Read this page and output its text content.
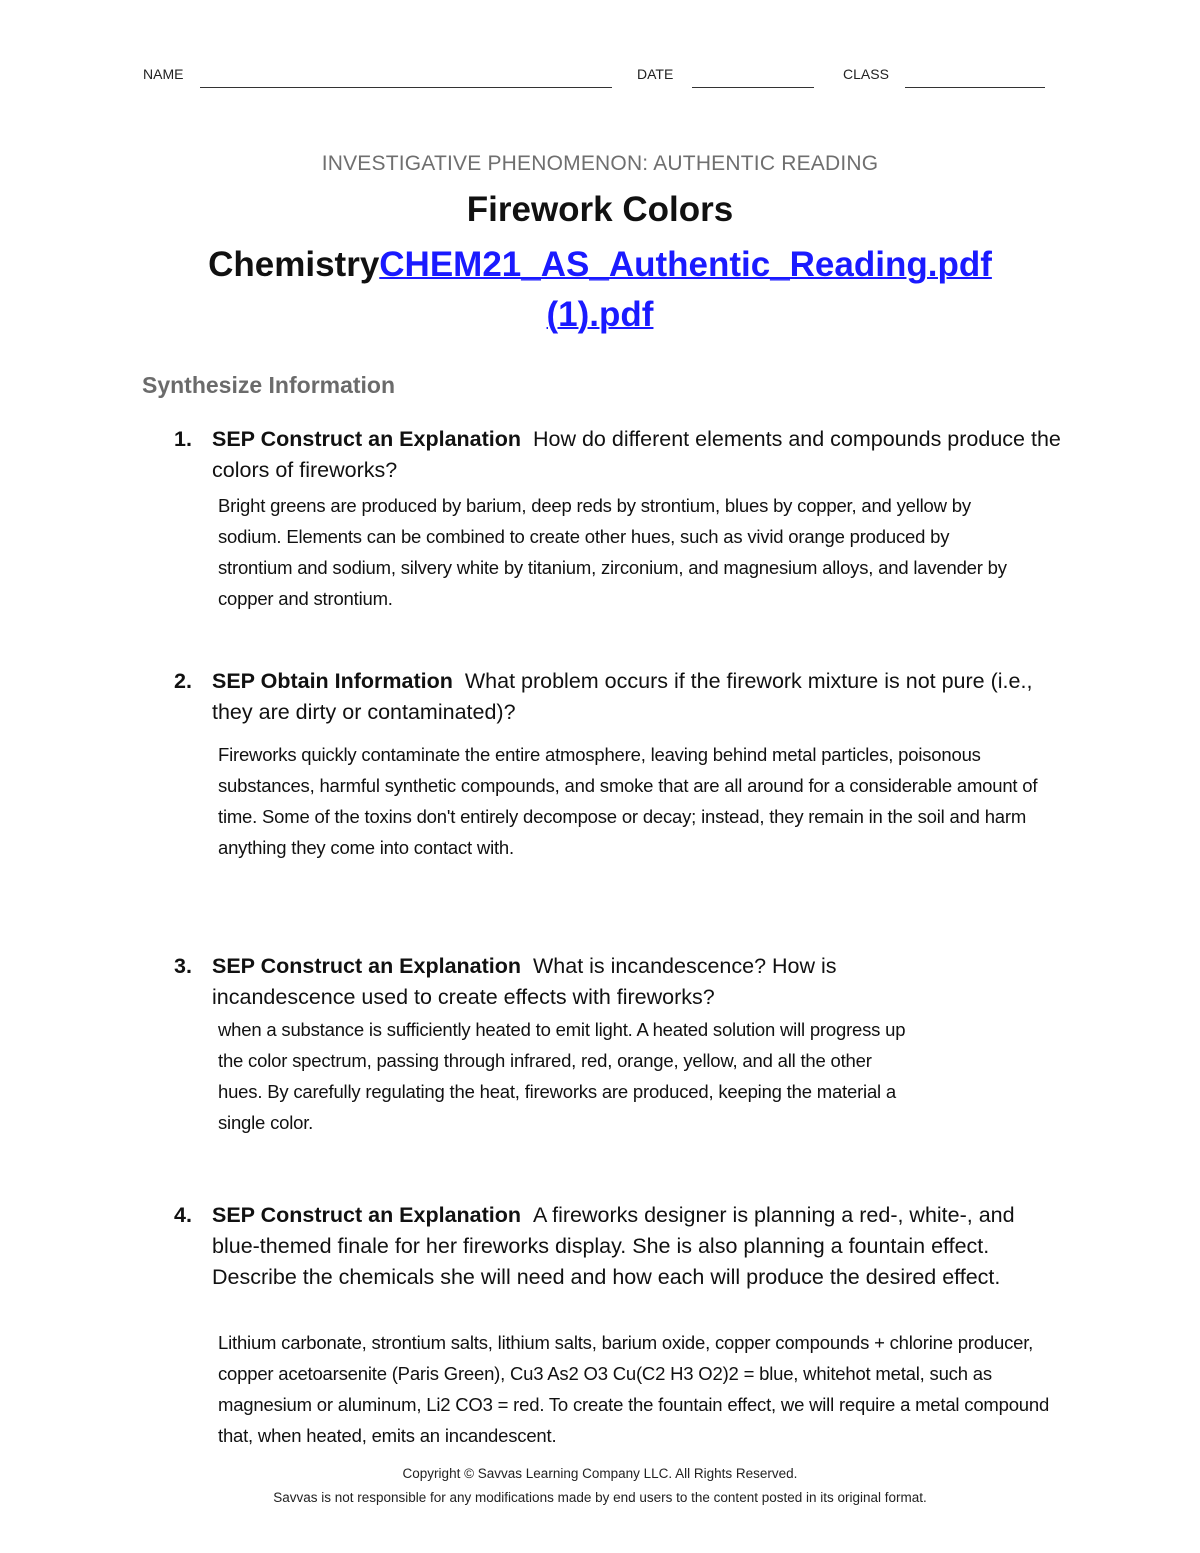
NAME	DATE	CLASS
INVESTIGATIVE PHENOMENON: AUTHENTIC READING
Firework Colors
ChemistryCHEM21_AS_Authentic_Reading.pdf (1).pdf
Synthesize Information
1. SEP Construct an Explanation How do different elements and compounds produce the colors of fireworks?
Bright greens are produced by barium, deep reds by strontium, blues by copper, and yellow by sodium. Elements can be combined to create other hues, such as vivid orange produced by strontium and sodium, silvery white by titanium, zirconium, and magnesium alloys, and lavender by copper and strontium.
2. SEP Obtain Information What problem occurs if the firework mixture is not pure (i.e., they are dirty or contaminated)?
Fireworks quickly contaminate the entire atmosphere, leaving behind metal particles, poisonous substances, harmful synthetic compounds, and smoke that are all around for a considerable amount of time. Some of the toxins don't entirely decompose or decay; instead, they remain in the soil and harm anything they come into contact with.
3. SEP Construct an Explanation What is incandescence? How is incandescence used to create effects with fireworks?
when a substance is sufficiently heated to emit light. A heated solution will progress up the color spectrum, passing through infrared, red, orange, yellow, and all the other hues. By carefully regulating the heat, fireworks are produced, keeping the material a single color.
4. SEP Construct an Explanation A fireworks designer is planning a red-, white-, and blue-themed finale for her fireworks display. She is also planning a fountain effect. Describe the chemicals she will need and how each will produce the desired effect.
Lithium carbonate, strontium salts, lithium salts, barium oxide, copper compounds + chlorine producer, copper acetoarsenite (Paris Green), Cu3 As2 O3 Cu(C2 H3 O2)2 = blue, whitehot metal, such as magnesium or aluminum, Li2 CO3 = red. To create the fountain effect, we will require a metal compound that, when heated, emits an incandescent.
Copyright © Savvas Learning Company LLC. All Rights Reserved.
Savvas is not responsible for any modifications made by end users to the content posted in its original format.
